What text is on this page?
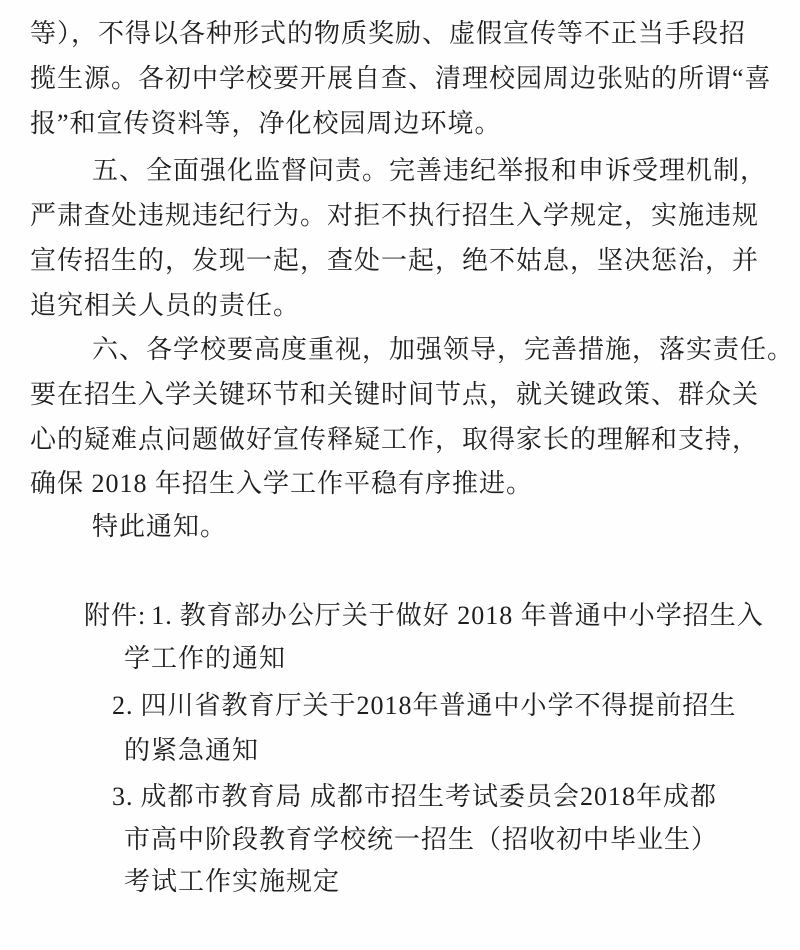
等），不得以各种形式的物质奖励、虚假宣传等不正当手段招
揽生源。各初中学校要开展自查、清理校园周边张贴的所谓“喜
报”和宣传资料等，净化校园周边环境。
五、全面强化监督问责。完善违纪举报和申诉受理机制，
严肃查处违规违纪行为。对拒不执行招生入学规定，实施违规
宣传招生的，发现一起，查处一起，绝不姑息，坚决惩治，并
追究相关人员的责任。
六、各学校要高度重视，加强领导，完善措施，落实责任。
要在招生入学关键环节和关键时间节点，就关键政策、群众关
心的疑难点问题做好宣传释疑工作，取得家长的理解和支持，
确保 2018 年招生入学工作平稳有序推进。
特此通知。
附件: 1. 教育部办公厅关于做好 2018 年普通中小学招生入
学工作的通知
2. 四川省教育厅关于2018年普通中小学不得提前招生
的紧急通知
3. 成都市教育局 成都市招生考试委员会2018年成都
市高中阶段教育学校统一招生（招收初中毕业生）
考试工作实施规定
